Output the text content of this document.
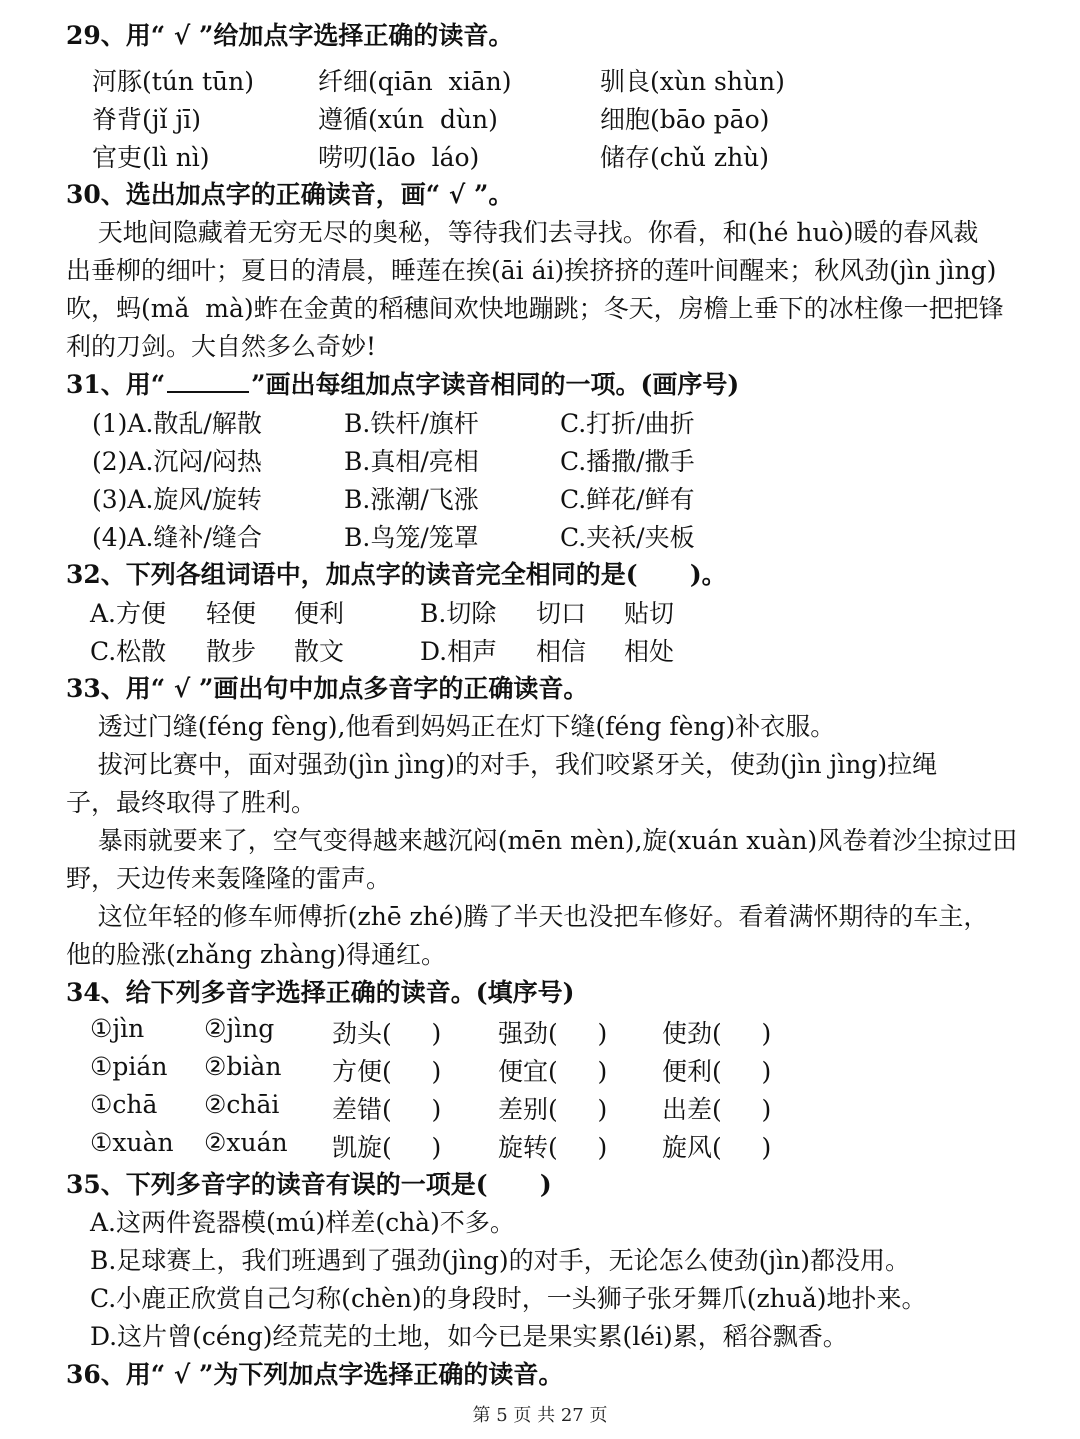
29、用“ √ ”给加点字选择正确的读音。
河豚(tún tūn)	纤细(qiān  xiān)	驯良(xùn shùn)
脊背(jǐ jī)	遵循(xún  dùn)	细胞(bāo pāo)
官吏(lì nì)	唠叨(lāo  láo)	储存(chǔ zhù)
30、选出加点字的正确读音，画“ √ ”。
天地间隐藏着无穷无尽的奥秘，等待我们去寻找。你看，和(hé huò)暖的春风裁
出垂柳的细叶；夏日的清晨，睡莲在挨(āi ái)挨挤挤的莲叶间醒来；秋风劲(jìn jìng)
吹，蚂(mǎ  mà)蚱在金黄的稻穗间欢快地蹦跳；冬天，房檐上垂下的冰柱像一把把锋
利的刀剑。大自然多么奇妙!
31、用“	”画出每组加点字读音相同的一项。(画序号)
(1)A.散乱/解散	B.铁杆/旗杆	C.打折/曲折
(2)A.沉闷/闷热	B.真相/亮相	C.播撒/撒手
(3)A.旋风/旋转	B.涨潮/飞涨	C.鲜花/鲜有
(4)A.缝补/缝合	B.鸟笼/笼罩	C.夹袄/夹板
32、下列各组词语中，加点字的读音完全相同的是(      )。
A.方便 轻便 便利	B.切除 切口 贴切
C.松散 散步 散文	D.相声 相信 相处
33、用“ √ ”画出句中加点多音字的正确读音。
透过门缝(féng fèng),他看到妈妈正在灯下缝(féng fèng)补衣服。
拔河比赛中，面对强劲(jìn jìng)的对手，我们咬紧牙关，使劲(jìn jìng)拉绳
子，最终取得了胜利。
暴雨就要来了，空气变得越来越沉闷(mēn mèn),旋(xuán xuàn)风卷着沙尘掠过田
野，天边传来轰隆隆的雷声。
这位年轻的修车师傅折(zhē zhé)腾了半天也没把车修好。看着满怀期待的车主，
他的脸涨(zhǎng zhàng)得通红。
34、给下列多音字选择正确的读音。(填序号)
①jìn ②jìng 劲头(     ) 强劲(     ) 使劲(     )
①pián ②biàn 方便(     ) 便宜(     ) 便利(     )
①chā ②chāi 差错(     ) 差别(     ) 出差(     )
①xuàn ②xuán 凯旋(     ) 旋转(     ) 旋风(     )
35、下列多音字的读音有误的一项是(      )
A.这两件瓷器模(mú)样差(chà)不多。
B.足球赛上，我们班遇到了强劲(jìng)的对手，无论怎么使劲(jìn)都没用。
C.小鹿正欣赏自己匀称(chèn)的身段时，一头狮子张牙舞爪(zhuǎ)地扑来。
D.这片曾(céng)经荒芜的土地，如今已是果实累(léi)累，稻谷飘香。
36、用“ √ ”为下列加点字选择正确的读音。
第 5 页 共 27 页
